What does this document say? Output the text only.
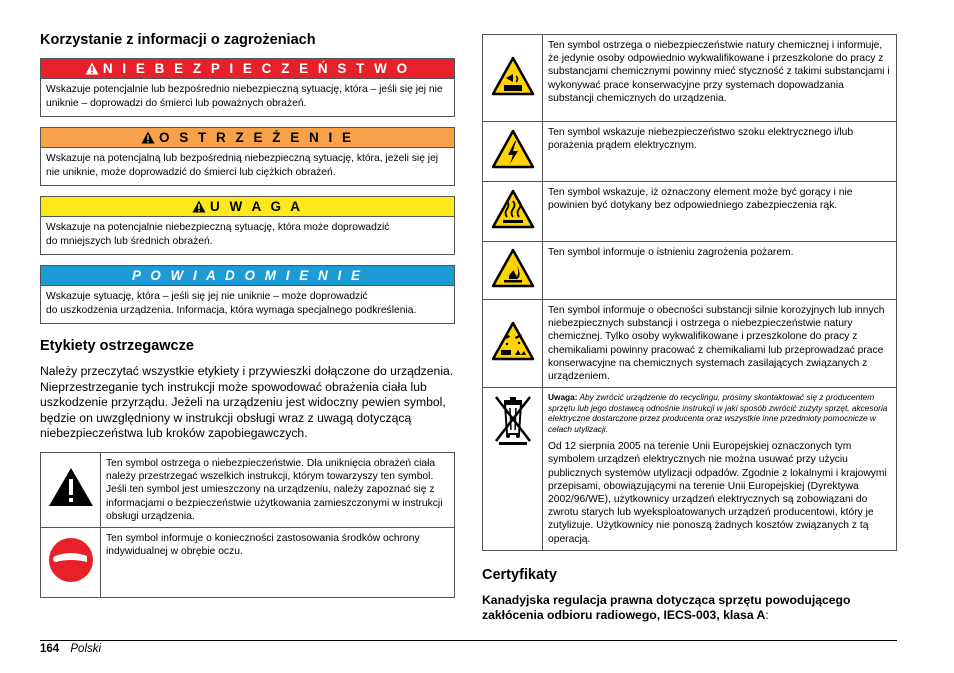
Korzystanie z informacji o zagrożeniach
N I E B E Z P I E C Z E Ń S T W O
Wskazuje potencjalnie lub bezpośrednio niebezpieczną sytuację, która – jeśli się jej nie uniknie – doprowadzi do śmierci lub poważnych obrażeń.
O S T R Z E Ż E N I E
Wskazuje na potencjalną lub bezpośrednią niebezpieczną sytuację, która, jeżeli się jej nie uniknie, może doprowadzić do śmierci lub ciężkich obrażeń.
U W A G A
Wskazuje na potencjalnie niebezpieczną sytuację, która może doprowadzić
do mniejszych lub średnich obrażeń.
P O W I A D O M I E N I E
Wskazuje sytuację, która – jeśli się jej nie uniknie – może doprowadzić
do uszkodzenia urządzenia. Informacja, która wymaga specjalnego podkreślenia.
Etykiety ostrzegawcze

Należy przeczytać wszystkie etykiety i przywieszki dołączone do urządzenia. Nieprzestrzeganie tych instrukcji może spowodować obrażenia ciała lub uszkodzenie przyrządu. Jeżeli na urządzeniu jest widoczny pewien symbol, będzie on uwzględniony w instrukcji obsługi wraz z uwagą dotyczącą niebezpieczeństwa lub kroków zapobiegawczych.

	Ten symbol ostrzega o niebezpieczeństwie. Dla uniknięcia obrażeń ciała należy przestrzegać wszelkich instrukcji, którym towarzyszy ten symbol. Jeśli ten symbol jest umieszczony na urządzeniu, należy zapoznać się z informacjami o bezpieczeństwie użytkowania zamieszczonymi w instrukcji obsługi urządzenia.
	Ten symbol informuje o konieczności zastosowania środków ochrony indywidualnej w obrębie oczu.
	Ten symbol ostrzega o niebezpieczeństwie natury chemicznej i informuje, że jedynie osoby odpowiednio wykwalifikowane i przeszkolone do pracy z substancjami chemicznymi powinny mieć styczność z takimi substancjami i wykonywać prace konserwacyjne przy systemach dopowadzania substancji chemicznych do urządzenia.
	Ten symbol wskazuje niebezpieczeństwo szoku elektrycznego i/lub porażenia prądem elektrycznym.
	Ten symbol wskazuje, iż oznaczony element może być gorący i nie powinien być dotykany bez odpowiedniego zabezpieczenia rąk.
	Ten symbol informuje o istnieniu zagrożenia pożarem.
	Ten symbol informuje o obecności substancji silnie korozyjnych lub innych niebezpiecznych substancji i ostrzega o niebezpieczeństwie natury chemicznej. Tylko osoby wykwalifikowane i przeszkolone do pracy z chemikaliami powinny pracować z chemikaliami lub przeprowadzać prace konserwacyjne na chemicznych systemach zasilających związanych z urządzeniem.

Uwaga: Aby zwrócić urządzenie do recyclingu, prosimy skontaktować się z producentem sprzętu lub jego dostawcą odnośnie instrukcji w jaki sposób zwrócić zużyty sprzęt, akcesoria elektryczne dostarczone przez producenta oraz wszystkie inne przedmioty pomocnicze w celach utylizacji.

Od 12 sierpnia 2005 na terenie Unii Europejskiej oznaczonych tym symbolem urządzeń elektrycznych nie można usuwać przy użyciu publicznych systemów utylizacji odpadów. Zgodnie z lokalnymi i krajowymi przepisami, obowiązującymi na terenie Unii Europejskiej (Dyrektywa 2002/96/WE), użytkownicy urządzeń elektrycznych są zobowiązani do zwrotu starych lub wyeksploatowanych urządzeń producentowi, który je zutylizuje. Użytkownicy nie ponoszą żadnych kosztów związanych z tą operacją.

Certyfikaty

Kanadyjska regulacja prawna dotycząca sprzętu powodującego zakłócenia odbioru radiowego, IECS-003, klasa A:

164 Polski
